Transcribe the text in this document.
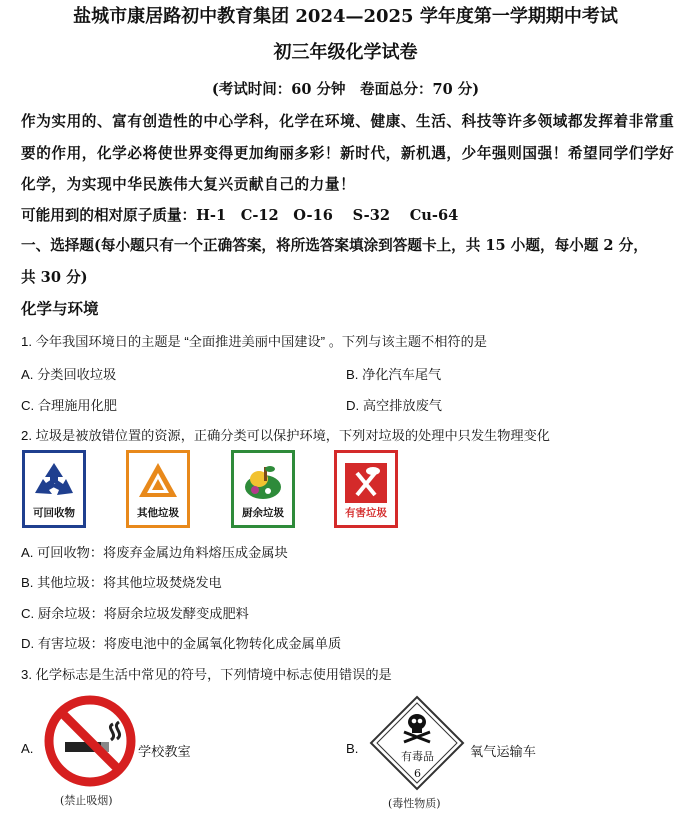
盐城市康居路初中教育集团 2024—2025 学年度第一学期期中考试
初三年级化学试卷
(考试时间：60 分钟　卷面总分：70 分)
作为实用的、富有创造性的中心学科，化学在环境、健康、生活、科技等许多领域都发挥着非常重要的作用，化学必将使世界变得更加绚丽多彩！新时代，新机遇，少年强则国强！希望同学们学好化学，为实现中华民族伟大复兴贡献自己的力量！
可能用到的相对原子质量：H-1　C-12　O-16　 S-32　 Cu-64
一、选择题(每小题只有一个正确答案，将所选答案填涂到答题卡上，共 15 小题，每小题 2 分，
共 30 分)
化学与环境
1. 今年我国环境日的主题是 “全面推进美丽中国建设” 。下列与该主题不相符的是
A. 分类回收垃圾	B. 净化汽车尾气
C. 合理施用化肥	D. 高空排放废气
2. 垃圾是被放错位置的资源，正确分类可以保护环境，下列对垃圾的处理中只发生物理变化
可回收物	其他垃圾	厨余垃圾	有害垃圾
A. 可回收物：将废弃金属边角料熔压成金属块
B. 其他垃圾：将其他垃圾焚烧发电
C. 厨余垃圾：将厨余垃圾发酵变成肥料
D. 有害垃圾：将废电池中的金属氧化物转化成金属单质
3. 化学标志是生活中常见的符号，下列情境中标志使用错误的是
A.	学校教室
(禁止吸烟)
B.
有毒品
6
氧气运输车
(毒性物质)
